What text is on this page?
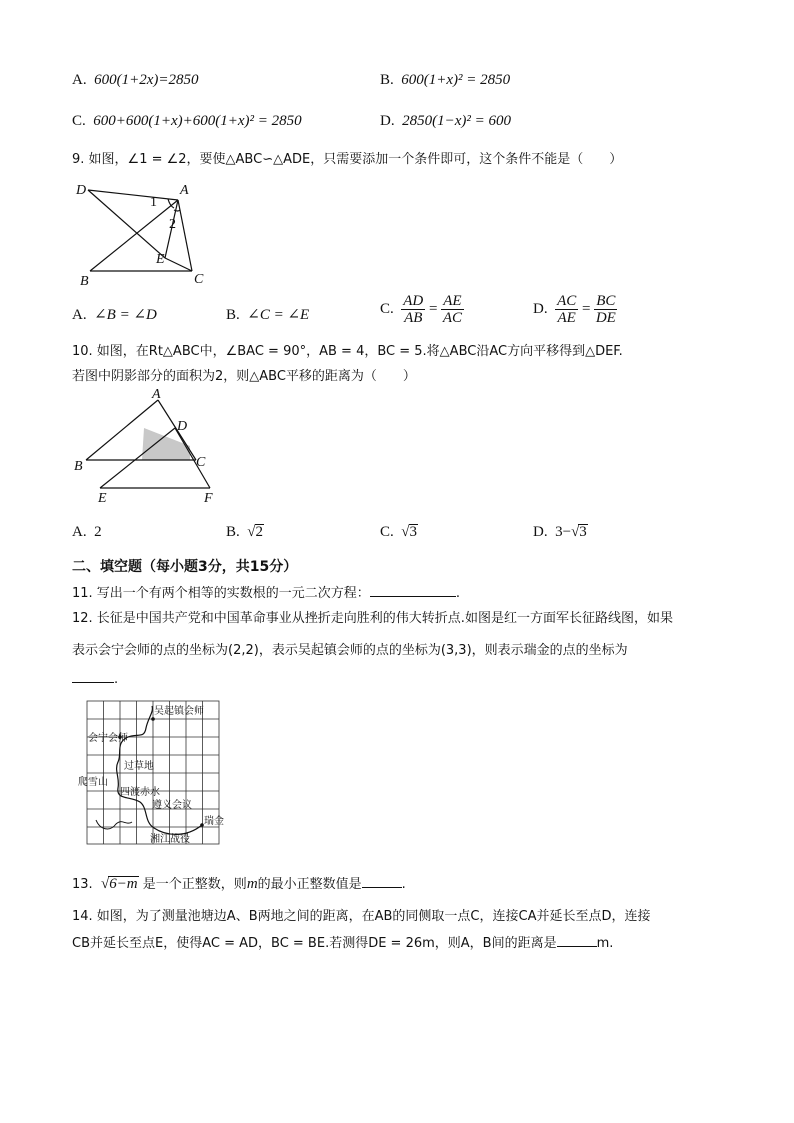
A. 600(1+2x)=2850	B. 600(1+x)² = 2850
C. 600+600(1+x)+600(1+x)² = 2850	D. 2850(1−x)² = 600
9. 如图，∠1 = ∠2，要使△ABC∽△ADE，只需要添加一个条件即可，这个条件不能是（　　）
D	A
1
2
E
B	C
A. ∠B = ∠D	B. ∠C = ∠E	C. $\frac{AD}{AB} = \frac{AE}{AC}$	D. $\frac{AC}{AE} = \frac{BC}{DE}$
10. 如图，在Rt△ABC中，∠BAC = 90°，AB = 4，BC = 5.将△ABC沿AC方向平移得到△DEF.
若图中阴影部分的面积为2，则△ABC平移的距离为（　　）
A
D
B	C
E	F
A. 2	B.  √2	C.  √3	D. 3−√3
二、填空题（每小题3分，共15分）
11. 写出一个有两个相等的实数根的一元二次方程：	.
12. 长征是中国共产党和中国革命事业从挫折走向胜利的伟大转折点.如图是红一方面军长征路线图，如果
表示会宁会师的点的坐标为(2,2)，表示吴起镇会师的点的坐标为(3,3)，则表示瑞金的点的坐标为
.
吴起镇会师
会宁会师
过草地
爬雪山
四渡赤水
遵义会议
瑞金
湘江战役
13. √6−m 是一个正整数，则m的最小正整数值是	.
14. 如图，为了测量池塘边A、B两地之间的距离，在AB的同侧取一点C，连接CA并延长至点D，连接
CB并延长至点E，使得AC = AD，BC = BE.若测得DE = 26m，则A，B间的距离是	m.
